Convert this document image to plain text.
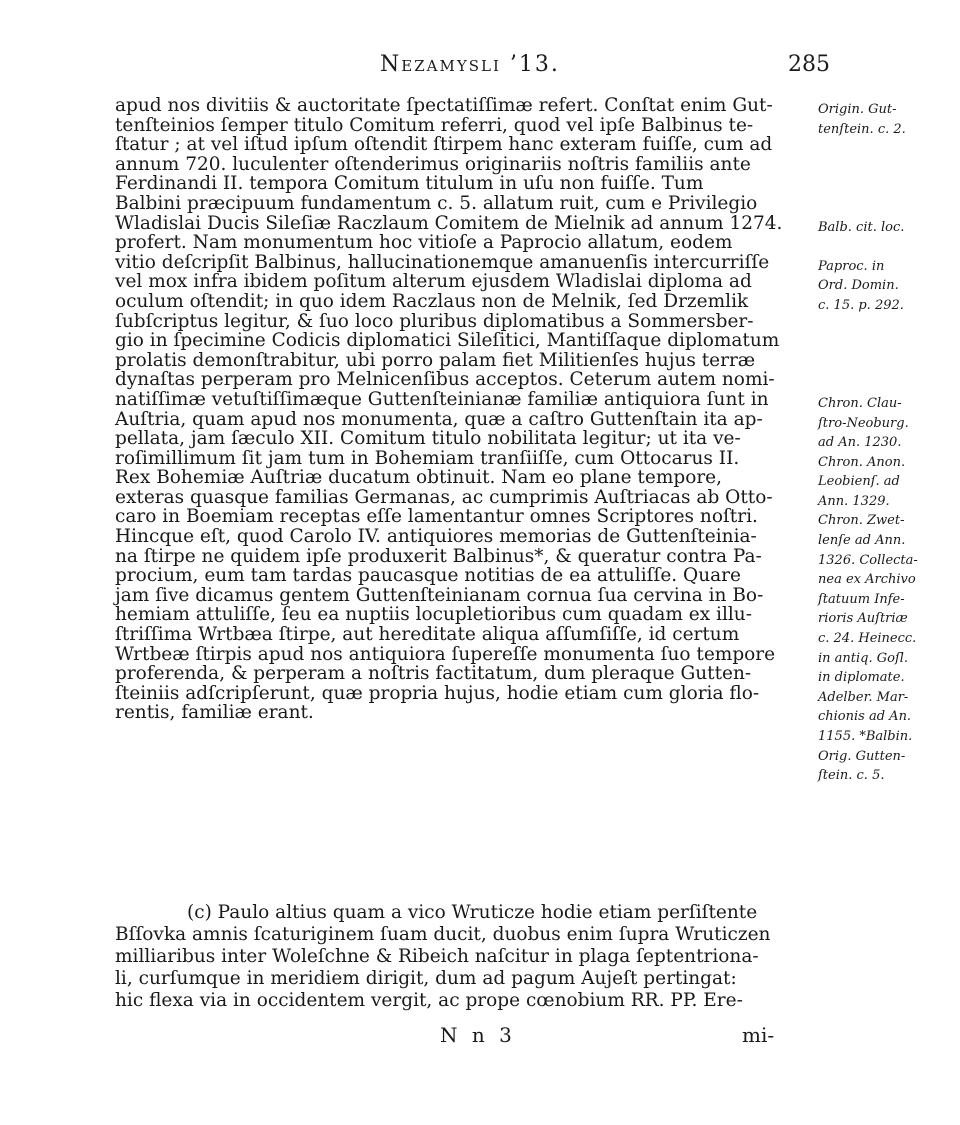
Nezamysli ’13.	285
apud nos divitiis & auctoritate ſpectatiſſimæ refert. Conſtat enim Gut-
tenſteinios ſemper titulo Comitum referri, quod vel ipſe Balbinus te-
ſtatur ; at vel iſtud ipſum oſtendit ſtirpem hanc exteram fuiſſe, cum ad
annum 720. luculenter oſtenderimus originariis noſtris familiis ante
Ferdinandi II. tempora Comitum titulum in uſu non fuiſſe. Tum
Balbini præcipuum fundamentum c. 5. allatum ruit, cum e Privilegio
Wladislai Ducis Sileſiæ Raczlaum Comitem de Mielnik ad annum 1274.
profert. Nam monumentum hoc vitioſe a Paprocio allatum, eodem
vitio deſcripſit Balbinus, hallucinationemque amanuenſis intercurriſſe
vel mox infra ibidem poſitum alterum ejusdem Wladislai diploma ad
oculum oſtendit; in quo idem Raczlaus non de Melnik, ſed Drzemlik
ſubſcriptus legitur, & ſuo loco pluribus diplomatibus a Sommersber-
gio in ſpecimine Codicis diplomatici Sileſitici, Mantiſſaque diplomatum
prolatis demonſtrabitur, ubi porro palam fiet Militienſes hujus terræ
dynaſtas perperam pro Melnicenſibus acceptos. Ceterum autem nomi-
natiſſimæ vetuſtiſſimæque Guttenſteinianæ familiæ antiquiora ſunt in
Auſtria, quam apud nos monumenta, quæ a caſtro Guttenſtain ita ap-
pellata, jam ſæculo XII. Comitum titulo nobilitata legitur; ut ita ve-
roſimillimum ſit jam tum in Bohemiam tranſiiſſe, cum Ottocarus II.
Rex Bohemiæ Auſtriæ ducatum obtinuit. Nam eo plane tempore,
exteras quasque familias Germanas, ac cumprimis Auſtriacas ab Otto-
caro in Boemiam receptas eſſe lamentantur omnes Scriptores noſtri.
Hincque eſt, quod Carolo IV. antiquiores memorias de Guttenſteinia-
na ſtirpe ne quidem ipſe produxerit Balbinus*, & queratur contra Pa-
procium, eum tam tardas paucasque notitias de ea attuliſſe. Quare
jam ſive dicamus gentem Guttenſteinianam cornua ſua cervina in Bo-
hemiam attuliſſe, ſeu ea nuptiis locupletioribus cum quadam ex illu-
ſtriſſima Wrtbæa ſtirpe, aut hereditate aliqua aſſumſiſſe, id certum
Wrtbeæ ſtirpis apud nos antiquiora ſupereſſe monumenta ſuo tempore
proferenda, & perperam a noſtris factitatum, dum pleraque Gutten-
ſteiniis adſcripſerunt, quæ propria hujus, hodie etiam cum gloria flo-
rentis, familiæ erant.
Origin. Gut-
tenſtein. c. 2.
Balb. cit. loc.
Paproc. in
Ord. Domin.
c. 15. p. 292.
Chron. Clau-
ſtro-Neoburg.
ad An. 1230.
Chron. Anon.
Leobienſ. ad
Ann. 1329.
Chron. Zwet-
lenſe ad Ann.
1326. Collecta-
nea ex Archivo
ſtatuum Infe-
rioris Auſtriæ
c. 24. Heinecc.
in antiq. Goſl.
in diplomate.
Adelber. Mar-
chionis ad An.
1155. *Balbin.
Orig. Gutten-
ſtein. c. 5.
(c) Paulo altius quam a vico Wruticze hodie etiam perſiſtente
Bſſovka amnis ſcaturiginem ſuam ducit, duobus enim ſupra Wruticzen
milliaribus inter Woleſchne & Ribeich naſcitur in plaga ſeptentriona-
li, curſumque in meridiem dirigit, dum ad pagum Aujeſt pertingat:
hic flexa via in occidentem vergit, ac prope cœnobium RR. PP. Ere-
N n 3	mi-
